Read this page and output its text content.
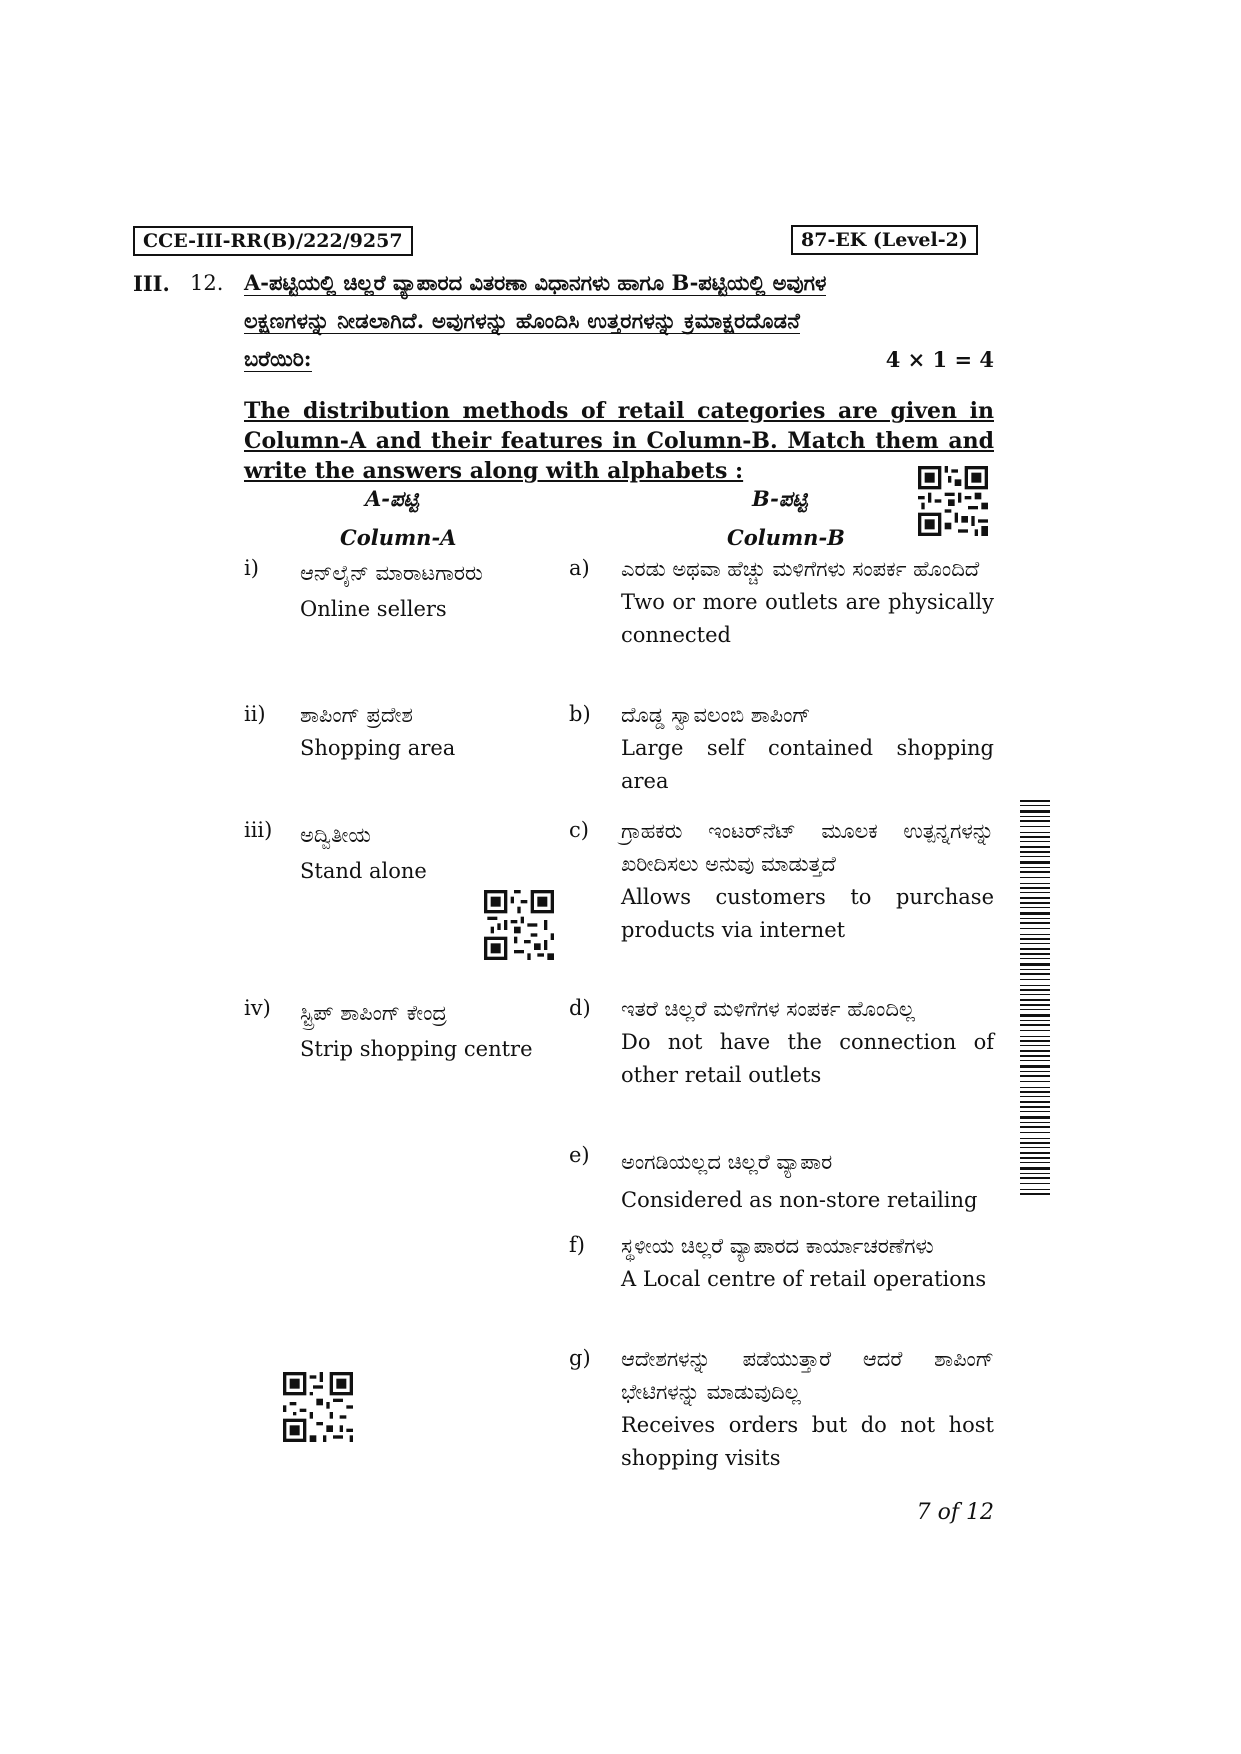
CCE-III-RR(B)/222/9257	87-EK (Level-2)
III. 12. A-ಪಟ್ಟಿಯಲ್ಲಿ ಚಿಲ್ಲರೆ ವ್ಯಾಪಾರದ ವಿತರಣಾ ವಿಧಾನಗಳು ಹಾಗೂ B-ಪಟ್ಟಿಯಲ್ಲಿ ಅವುಗಳ
ಲಕ್ಷಣಗಳನ್ನು ನೀಡಲಾಗಿದೆ. ಅವುಗಳನ್ನು ಹೊಂದಿಸಿ ಉತ್ತರಗಳನ್ನು ಕ್ರಮಾಕ್ಷರದೊಡನೆ
ಬರೆಯಿರಿ:	4 × 1 = 4
The distribution methods of retail categories are given in Column-A and their features in Column-B. Match them and write the answers along with alphabets :
A-ಪಟ್ಟಿ
Column-A
B-ಪಟ್ಟಿ
Column-B
i) ಆನ್‌ಲೈನ್ ಮಾರಾಟಗಾರರು
Online sellers
ii) ಶಾಪಿಂಗ್ ಪ್ರದೇಶ
Shopping area
iii) ಅದ್ವಿತೀಯ
Stand alone
iv) ಸ್ಟ್ರಿಪ್ ಶಾಪಿಂಗ್ ಕೇಂದ್ರ
Strip shopping centre
a) ಎರಡು ಅಥವಾ ಹೆಚ್ಚು ಮಳಿಗೆಗಳು ಸಂಪರ್ಕ ಹೊಂದಿದೆ
Two or more outlets are physically connected
b) ದೊಡ್ಡ ಸ್ವಾವಲಂಬಿ ಶಾಪಿಂಗ್
Large self contained shopping area
c) ಗ್ರಾಹಕರು ಇಂಟರ್‌ನೆಟ್ ಮೂಲಕ ಉತ್ಪನ್ನಗಳನ್ನು ಖರೀದಿಸಲು ಅನುವು ಮಾಡುತ್ತದೆ
Allows customers to purchase products via internet
d) ಇತರೆ ಚಿಲ್ಲರೆ ಮಳಿಗೆಗಳ ಸಂಪರ್ಕ ಹೊಂದಿಲ್ಲ
Do not have the connection of other retail outlets
e) ಅಂಗಡಿಯಲ್ಲದ ಚಿಲ್ಲರೆ ವ್ಯಾಪಾರ
Considered as non-store retailing
f) ಸ್ಥಳೀಯ ಚಿಲ್ಲರೆ ವ್ಯಾಪಾರದ ಕಾರ್ಯಾಚರಣೆಗಳು
A Local centre of retail operations
g) ಆದೇಶಗಳನ್ನು ಪಡೆಯುತ್ತಾರೆ ಆದರೆ ಶಾಪಿಂಗ್ ಭೇಟಿಗಳನ್ನು ಮಾಡುವುದಿಲ್ಲ
Receives orders but do not host shopping visits
7 of 12
